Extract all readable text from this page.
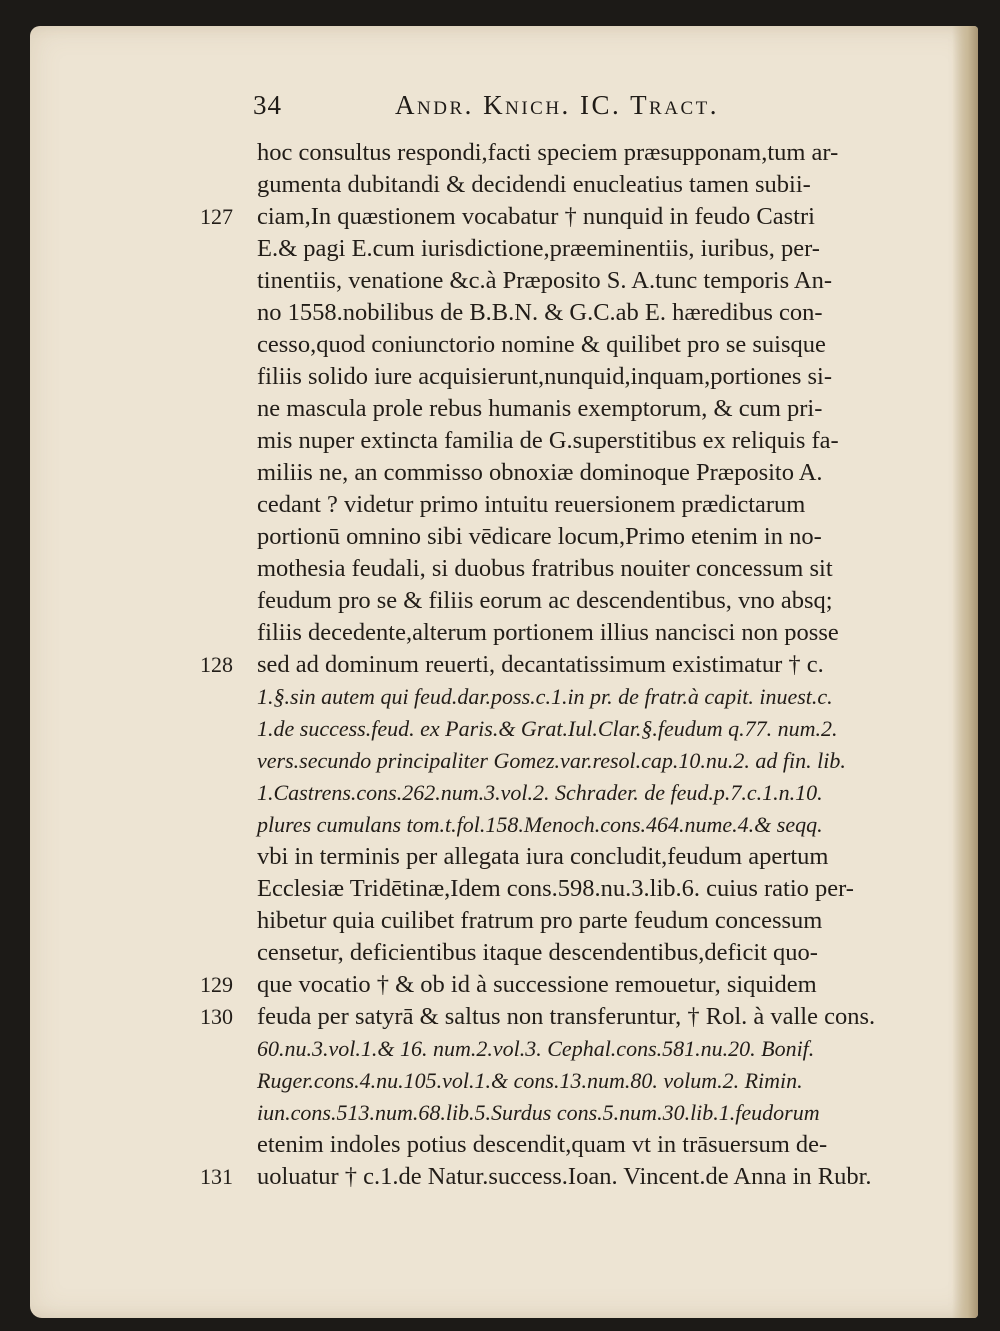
34	Andr. Knich. IC. Tract.
hoc consultus respondi,facti speciem præsupponam,tum ar-
gumenta dubitandi & decidendi enucleatius tamen subii-
ciam,In quæstionem vocabatur † nunquid in feudo Castri
E.& pagi E.cum iurisdictione,præeminentiis, iuribus, per-
tinentiis, venatione &c.à Præposito S. A.tunc temporis An-
no 1558.nobilibus de B.B.N. & G.C.ab E. hæredibus con-
cesso,quod coniunctorio nomine & quilibet pro se suisque
filiis solido iure acquisierunt,nunquid,inquam,portiones si-
ne mascula prole rebus humanis exemptorum, & cum pri-
mis nuper extincta familia de G.superstitibus ex reliquis fa-
miliis ne, an commisso obnoxiæ dominoque Præposito A.
cedant ? videtur primo intuitu reuersionem prædictarum
portionū omnino sibi vēdicare locum,Primo etenim in no-
mothesia feudali, si duobus fratribus nouiter concessum sit
feudum pro se & filiis eorum ac descendentibus, vno absq;
filiis decedente,alterum portionem illius nancisci non posse
sed ad dominum reuerti, decantatissimum existimatur † c.
1.§.sin autem qui feud.dar.poss.c.1.in pr. de fratr.à capit. inuest.c.
1.de success.feud. ex Paris.& Grat.Iul.Clar.§.feudum q.77. num.2.
vers.secundo principaliter Gomez.var.resol.cap.10.nu.2. ad fin. lib.
1.Castrens.cons.262.num.3.vol.2. Schrader. de feud.p.7.c.1.n.10.
plures cumulans tom.t.fol.158.Menoch.cons.464.nume.4.& seqq.
vbi in terminis per allegata iura concludit,feudum apertum
Ecclesiæ Tridētinæ,Idem cons.598.nu.3.lib.6. cuius ratio per-
hibetur quia cuilibet fratrum pro parte feudum concessum
censetur, deficientibus itaque descendentibus,deficit quo-
que vocatio † & ob id à successione remouetur, siquidem
feuda per satyrā & saltus non transferuntur, † Rol. à valle cons.
60.nu.3.vol.1.& 16. num.2.vol.3. Cephal.cons.581.nu.20. Bonif.
Ruger.cons.4.nu.105.vol.1.& cons.13.num.80. volum.2. Rimin.
iun.cons.513.num.68.lib.5.Surdus cons.5.num.30.lib.1.feudorum
etenim indoles potius descendit,quam vt in trāsuersum de-
uoluatur † c.1.de Natur.success.Ioan. Vincent.de Anna in Rubr.
127
128
129
130
131
